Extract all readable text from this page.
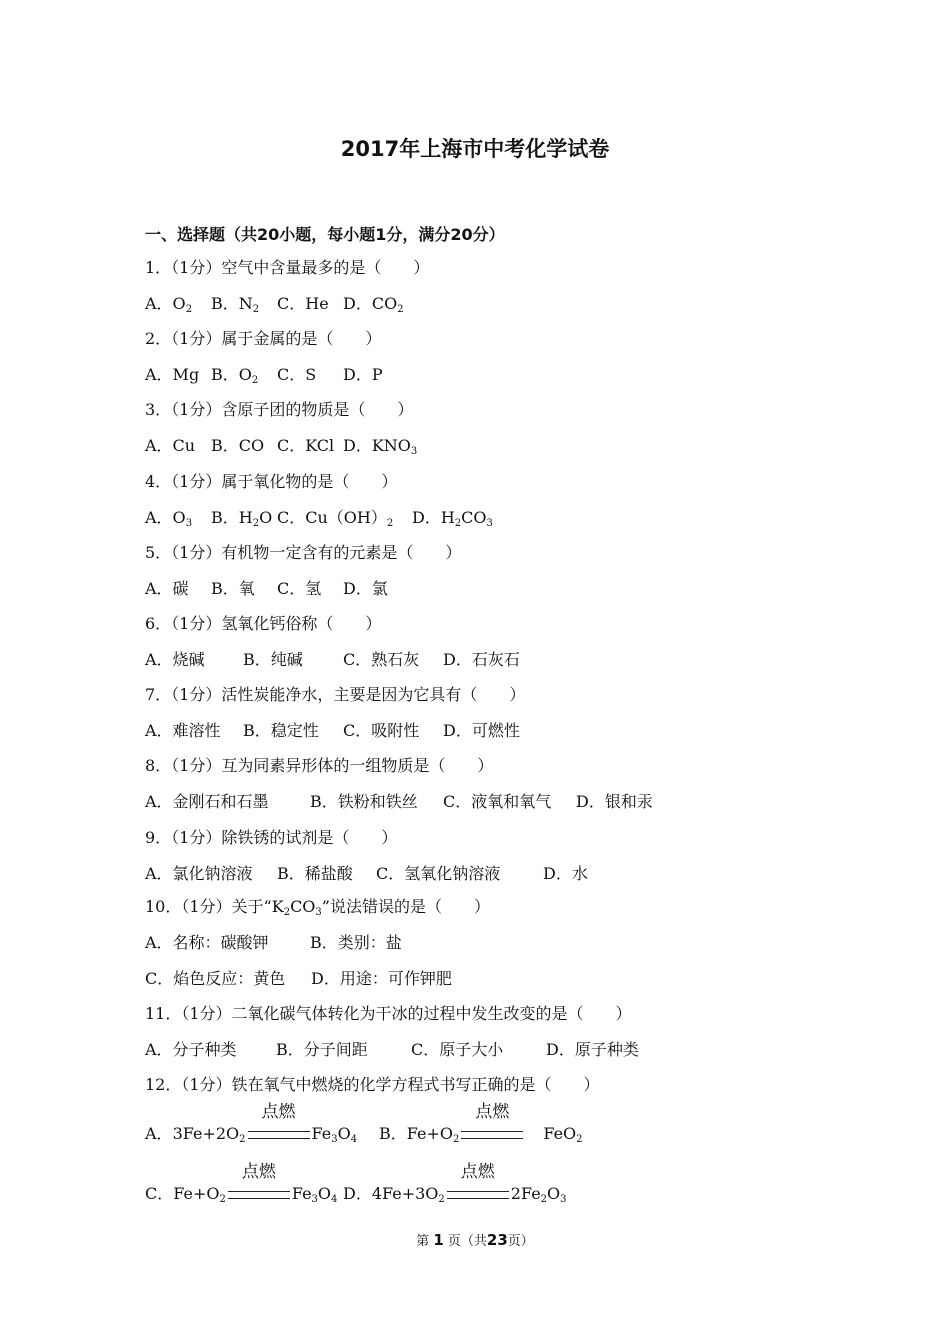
2017年上海市中考化学试卷
一、选择题（共20小题，每小题1分，满分20分）
1．（1分）空气中含量最多的是（　　）
A．$O_2$ B．$N_2$ C．He D．$CO_2$
2．（1分）属于金属的是（　　）
A．Mg B．$O_2$ C．S D．P
3．（1分）含原子团的物质是（　　）
A．Cu B．CO C．KCl D．$KNO_3$
4．（1分）属于氧化物的是（　　）
A．$O_3$ B．$H_2O$ C．$Cu(OH)_2$ D．$H_2CO_3$
5．（1分）有机物一定含有的元素是（　　）
A．碳 B．氧 C．氢 D．氯
6．（1分）氢氧化钙俗称（　　）
A．烧碱 B．纯碱	C．熟石灰 D．石灰石
7．（1分）活性炭能净水，主要是因为它具有（　　）
A．难溶性 B．稳定性 C．吸附性 D．可燃性
8．（1分）互为同素异形体的一组物质是（　　）
A．金刚石和石墨	B．铁粉和铁丝 C．液氧和氧气 D．银和汞
9．（1分）除铁锈的试剂是（　　）
A．氯化钠溶液 B．稀盐酸 C．氢氧化钠溶液	D．水
10．（1分）关于“$K_2CO_3$”说法错误的是（　　）
A．名称：碳酸钾	B．类别：盐
C．焰色反应：黄色 D．用途：可作钾肥
11．（1分）二氧化碳气体转化为干冰的过程中发生改变的是（　　）
A．分子种类 B．分子间距	C．原子大小	D．原子种类
12．（1分）铁在氧气中燃烧的化学方程式书写正确的是（　　）
A．$3Fe+2O_2$
点燃
$Fe_3O_4$ B．$Fe+O_2$
点燃
FeO$_2$
C．$Fe+O_2$
点燃
$Fe_3O_4$ D．$4Fe+3O_2$
点燃
$2Fe_2O_3$
第 1 页（共23页）
